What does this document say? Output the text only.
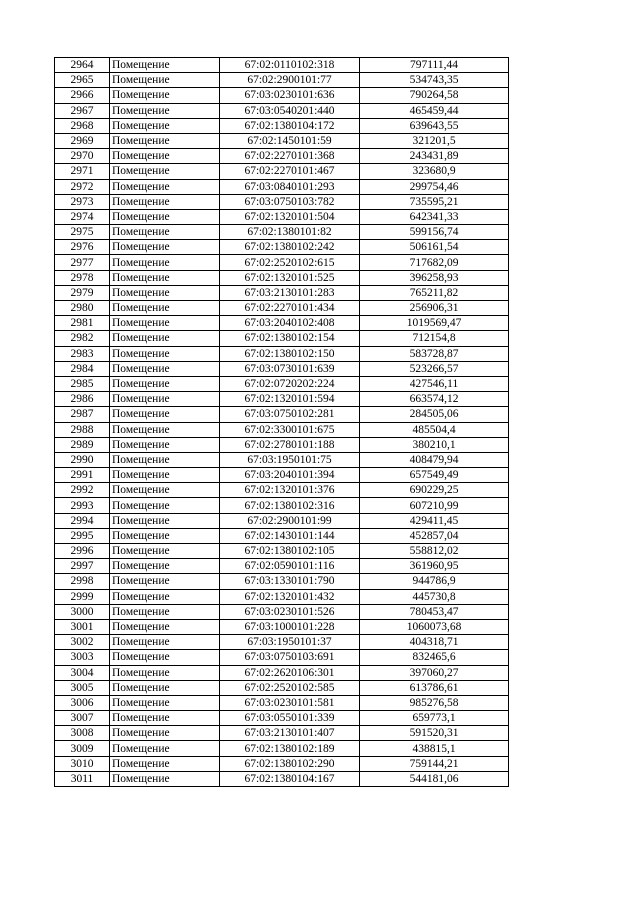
2964	Помещение	67:02:0110102:318	797111,44
2965	Помещение	67:02:2900101:77	534743,35
2966	Помещение	67:03:0230101:636	790264,58
2967	Помещение	67:03:0540201:440	465459,44
2968	Помещение	67:02:1380104:172	639643,55
2969	Помещение	67:02:1450101:59	321201,5
2970	Помещение	67:02:2270101:368	243431,89
2971	Помещение	67:02:2270101:467	323680,9
2972	Помещение	67:03:0840101:293	299754,46
2973	Помещение	67:03:0750103:782	735595,21
2974	Помещение	67:02:1320101:504	642341,33
2975	Помещение	67:02:1380101:82	599156,74
2976	Помещение	67:02:1380102:242	506161,54
2977	Помещение	67:02:2520102:615	717682,09
2978	Помещение	67:02:1320101:525	396258,93
2979	Помещение	67:03:2130101:283	765211,82
2980	Помещение	67:02:2270101:434	256906,31
2981	Помещение	67:03:2040102:408	1019569,47
2982	Помещение	67:02:1380102:154	712154,8
2983	Помещение	67:02:1380102:150	583728,87
2984	Помещение	67:03:0730101:639	523266,57
2985	Помещение	67:02:0720202:224	427546,11
2986	Помещение	67:02:1320101:594	663574,12
2987	Помещение	67:03:0750102:281	284505,06
2988	Помещение	67:02:3300101:675	485504,4
2989	Помещение	67:02:2780101:188	380210,1
2990	Помещение	67:03:1950101:75	408479,94
2991	Помещение	67:03:2040101:394	657549,49
2992	Помещение	67:02:1320101:376	690229,25
2993	Помещение	67:02:1380102:316	607210,99
2994	Помещение	67:02:2900101:99	429411,45
2995	Помещение	67:02:1430101:144	452857,04
2996	Помещение	67:02:1380102:105	558812,02
2997	Помещение	67:02:0590101:116	361960,95
2998	Помещение	67:03:1330101:790	944786,9
2999	Помещение	67:02:1320101:432	445730,8
3000	Помещение	67:03:0230101:526	780453,47
3001	Помещение	67:03:1000101:228	1060073,68
3002	Помещение	67:03:1950101:37	404318,71
3003	Помещение	67:03:0750103:691	832465,6
3004	Помещение	67:02:2620106:301	397060,27
3005	Помещение	67:02:2520102:585	613786,61
3006	Помещение	67:03:0230101:581	985276,58
3007	Помещение	67:03:0550101:339	659773,1
3008	Помещение	67:03:2130101:407	591520,31
3009	Помещение	67:02:1380102:189	438815,1
3010	Помещение	67:02:1380102:290	759144,21
3011	Помещение	67:02:1380104:167	544181,06
